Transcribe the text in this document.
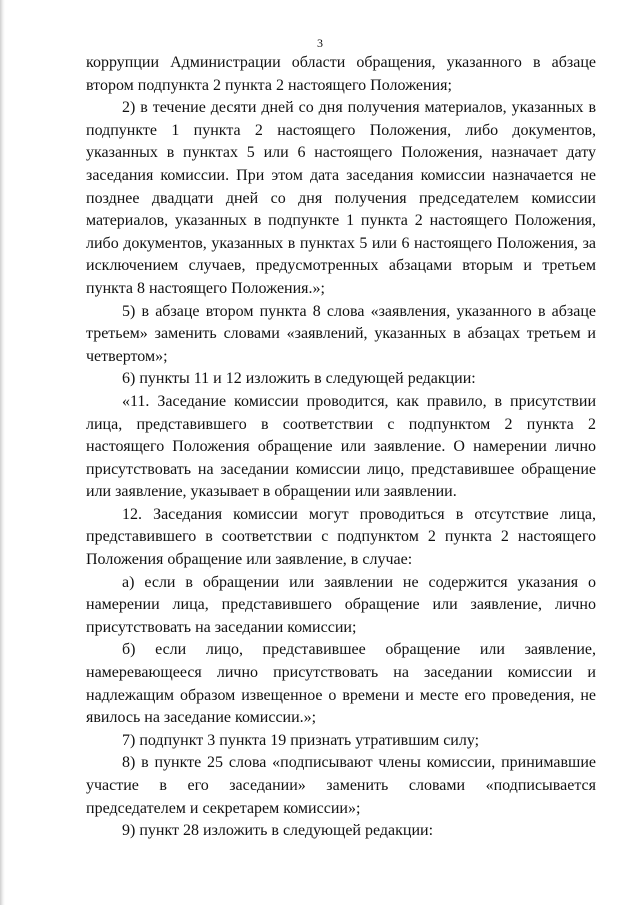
3

коррупции Администрации области обращения, указанного в абзаце втором подпункта 2 пункта 2 настоящего Положения;

2) в течение десяти дней со дня получения материалов, указанных в подпункте 1 пункта 2 настоящего Положения, либо документов, указанных в пунктах 5 или 6 настоящего Положения, назначает дату заседания комиссии. При этом дата заседания комиссии назначается не позднее двадцати дней со дня получения председателем комиссии материалов, указанных в подпункте 1 пункта 2 настоящего Положения, либо документов, указанных в пунктах 5 или 6 настоящего Положения, за исключением случаев, предусмотренных абзацами вторым и третьем пункта 8 настоящего Положения.»;

5) в абзаце втором пункта 8 слова «заявления, указанного в абзаце третьем» заменить словами «заявлений, указанных в абзацах третьем и четвертом»;

6) пункты 11 и 12 изложить в следующей редакции:

«11. Заседание комиссии проводится, как правило, в присутствии лица, представившего в соответствии с подпунктом 2 пункта 2 настоящего Положения обращение или заявление. О намерении лично присутствовать на заседании комиссии лицо, представившее обращение или заявление, указывает в обращении или заявлении.

12. Заседания комиссии могут проводиться в отсутствие лица, представившего в соответствии с подпунктом 2 пункта 2 настоящего Положения обращение или заявление, в случае:

а) если в обращении или заявлении не содержится указания о намерении лица, представившего обращение или заявление, лично присутствовать на заседании комиссии;

б) если лицо, представившее обращение или заявление, намеревающееся лично присутствовать на заседании комиссии и надлежащим образом извещенное о времени и месте его проведения, не явилось на заседание комиссии.»;

7) подпункт 3 пункта 19 признать утратившим силу;

8) в пункте 25 слова «подписывают члены комиссии, принимавшие участие в его заседании» заменить словами «подписывается председателем и секретарем комиссии»;

9) пункт 28 изложить в следующей редакции:
